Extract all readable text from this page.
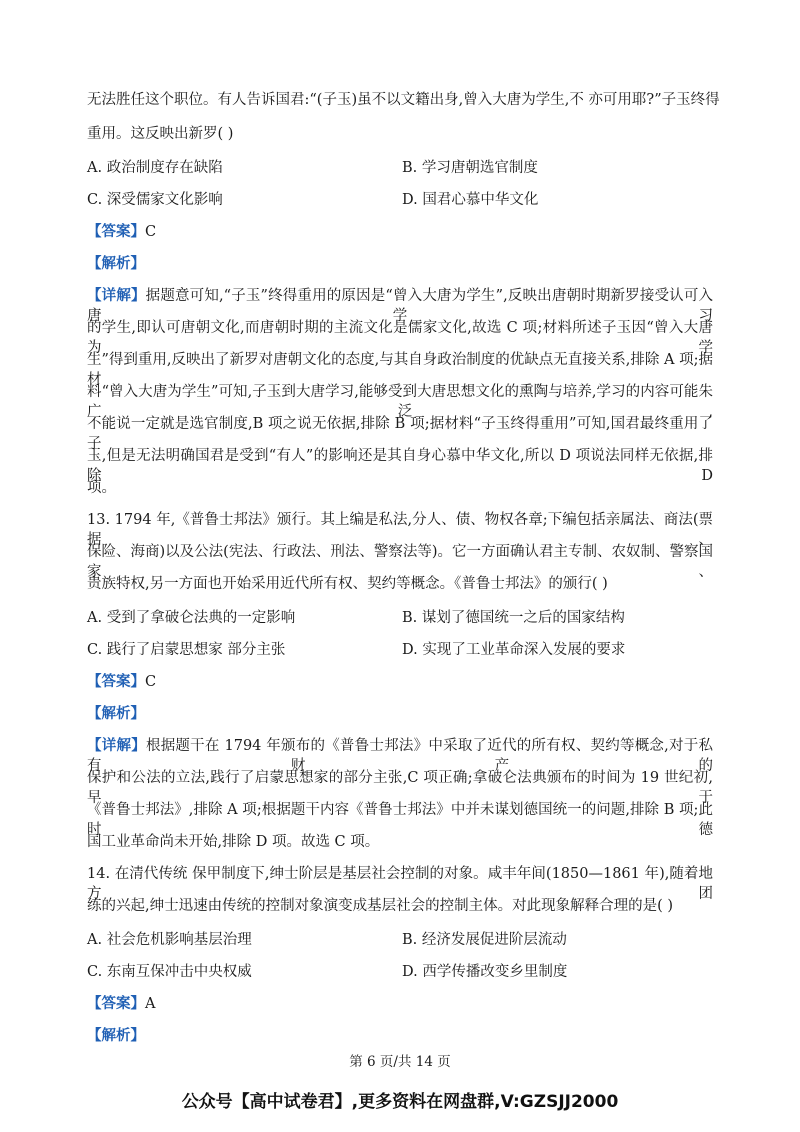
无法胜任这个职位。有人告诉国君:“(子玉)虽不以文籍出身,曾入大唐为学生,不 亦可用耶?”子玉终得
重用。这反映出新罗( )
A. 政治制度存在缺陷	B. 学习唐朝选官制度
C. 深受儒家文化影响	D. 国君心慕中华文化
【答案】C
【解析】
【详解】据题意可知,“子玉”终得重用的原因是“曾入大唐为学生”,反映出唐朝时期新罗接受认可入唐学习
的学生,即认可唐朝文化,而唐朝时期的主流文化是儒家文化,故选 C 项;材料所述子玉因“曾入大唐为学
生”得到重用,反映出了新罗对唐朝文化的态度,与其自身政治制度的优缺点无直接关系,排除 A 项;据材
料“曾入大唐为学生”可知,子玉到大唐学习,能够受到大唐思想文化的熏陶与培养,学习的内容可能朱广泛,
不能说一定就是选官制度,B 项之说无依据,排除 B 项;据材料“子玉终得重用”可知,国君最终重用了子
玉,但是无法明确国君是受到“有人”的影响还是其自身心慕中华文化,所以 D 项说法同样无依据,排除 D
项。
13. 1794 年,《普鲁士邦法》颁行。其上编是私法,分人、债、物权各章;下编包括亲属法、商法(票据、
保险、海商)以及公法(宪法、行政法、刑法、警察法等)。它一方面确认君主专制、农奴制、警察国家、
贵族特权,另一方面也开始采用近代所有权、契约等概念。《普鲁士邦法》的颁行( )
A. 受到了拿破仑法典的一定影响	B. 谋划了德国统一之后的国家结构
C. 践行了启蒙思想家 部分主张	D. 实现了工业革命深入发展的要求
【答案】C
【解析】
【详解】根据题干在 1794 年颁布的《普鲁士邦法》中采取了近代的所有权、契约等概念,对于私有财产的
保护和公法的立法,践行了启蒙思想家的部分主张,C 项正确;拿破仑法典颁布的时间为 19 世纪初,早于
《普鲁士邦法》,排除 A 项;根据题干内容《普鲁士邦法》中并未谋划德国统一的问题,排除 B 项;此时德
国工业革命尚未开始,排除 D 项。故选 C 项。
14. 在清代传统 保甲制度下,绅士阶层是基层社会控制的对象。咸丰年间(1850—1861 年),随着地方团
练的兴起,绅士迅速由传统的控制对象演变成基层社会的控制主体。对此现象解释合理的是( )
A. 社会危机影响基层治理	B. 经济发展促进阶层流动
C. 东南互保冲击中央权威	D. 西学传播改变乡里制度
【答案】A
【解析】
第 6 页/共 14 页
公众号【高中试卷君】,更多资料在网盘群,V:GZSJJ2000
